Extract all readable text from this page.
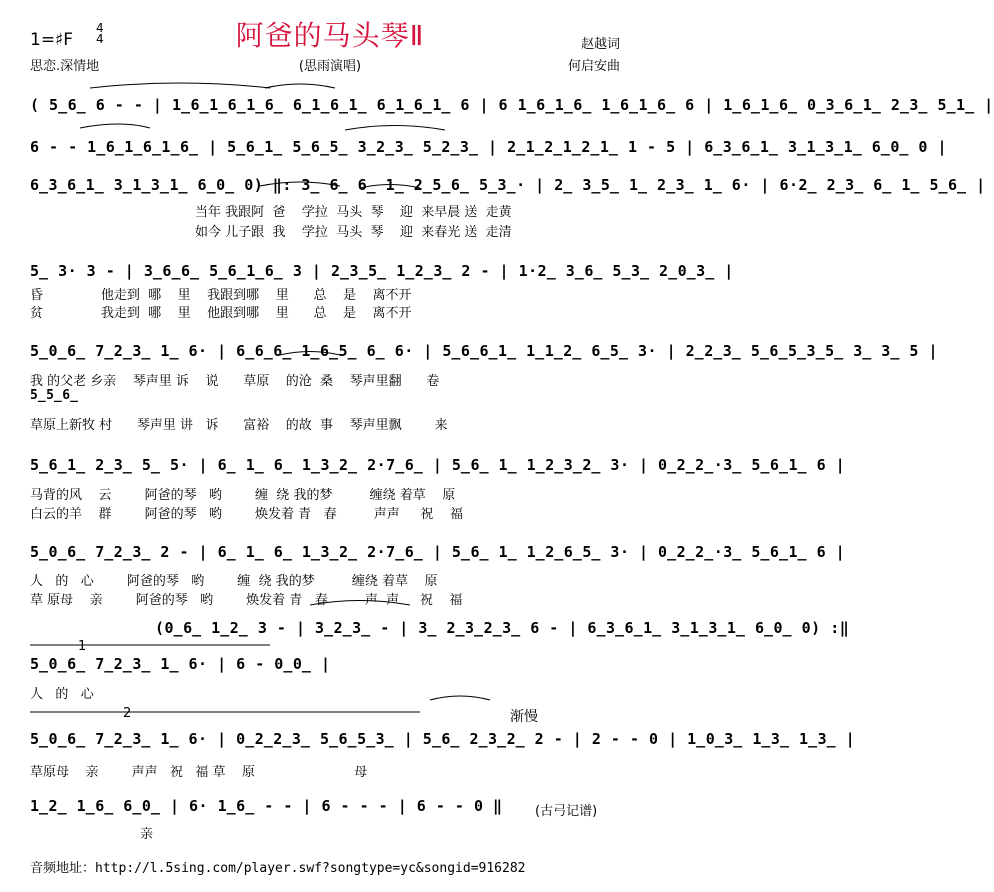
阿爸的马头琴Ⅱ
1=♯F
4
4
思恋.深情地	(思雨演唱)
赵越词
何启安曲
1
2	渐慢
( 5̲6̲ 6 - - | 1̲6̲1̲6̲1̲6̲ 6̲1̲6̲1̲ 6̲1̲6̲1̲ 6 | 6 1̲6̲1̲6̲ 1̲6̲1̲6̲ 6 | 1̲6̲1̲6̲ 0̲3̲6̲1̲ 2̲3̲ 5̲1̲ |
6 - - 1̲6̲1̲6̲1̲6̲ | 5̲6̲1̲ 5̲6̲5̲ 3̲2̲3̲ 5̲2̲3̲ | 2̲1̲2̲1̲2̲1̲ 1 - 5 | 6̲3̲6̲1̲ 3̲1̲3̲1̲ 6̲0̲ 0 |
6̲3̲6̲1̲ 3̲1̲3̲1̲ 6̲0̲ 0) ‖: 3̲ 6̲ 6̲ 1̲ 2̲5̲6̲ 5̲3̲· | 2̲ 3̲5̲ 1̲ 2̲3̲ 1̲ 6· | 6·2̲ 2̲3̲ 6̲ 1̲ 5̲6̲ |
当年 我跟阿  爸    学拉  马头  琴    迎  来早晨 送  走黄
如今 儿子跟  我    学拉  马头  琴    迎  来春光 送  走清
5̲ 3· 3 - | 3̲6̲6̲ 5̲6̲1̲6̲ 3 | 2̲3̲5̲ 1̲2̲3̲ 2 - | 1·2̲ 3̲6̲ 5̲3̲ 2̲0̲3̲ |
昏              他走到  哪    里    我跟到哪    里      总    是    离不开
贫              我走到  哪    里    他跟到哪    里      总    是    离不开
5̲0̲6̲ 7̲2̲3̲ 1̲ 6· | 6̲6̲6̲ 1̲6̲5̲ 6̲ 6· | 5̲6̲6̲1̲ 1̲1̲2̲ 6̲5̲ 3· | 2̲2̲3̲ 5̲6̲5̲3̲5̲ 3̲ 3̲ 5 |
我 的父老 乡亲    琴声里 诉    说      草原    的沧  桑    琴声里翻      卷
5̲5̲6̲
草原上新牧 村      琴声里 讲   诉      富裕    的故  事    琴声里飘        来
5̲6̲1̲ 2̲3̲ 5̲ 5· | 6̲ 1̲ 6̲ 1̲3̲2̲ 2·7̲6̲ | 5̲6̲ 1̲ 1̲2̲3̲2̲ 3· | 0̲2̲2̲·3̲ 5̲6̲1̲ 6 |
马背的风    云        阿爸的琴   哟        缠  绕 我的梦         缠绕 着草    原
白云的羊    群        阿爸的琴   哟        焕发着 青   春         声声     祝    福
5̲0̲6̲ 7̲2̲3̲ 2 - | 6̲ 1̲ 6̲ 1̲3̲2̲ 2·7̲6̲ | 5̲6̲ 1̲ 1̲2̲6̲5̲ 3· | 0̲2̲2̲·3̲ 5̲6̲1̲ 6 |
人   的   心        阿爸的琴   哟        缠  绕 我的梦         缠绕 着草    原
草 原母    亲        阿爸的琴   哟        焕发着 青   春         声  声     祝    福
(0̲6̲ 1̲2̲ 3 - | 3̲2̲3̲ - | 3̲ 2̲3̲2̲3̲ 6 - | 6̲3̲6̲1̲ 3̲1̲3̲1̲ 6̲0̲ 0) :‖
5̲0̲6̲ 7̲2̲3̲ 1̲ 6· | 6 - 0̲0̲ |
人   的   心
5̲0̲6̲ 7̲2̲3̲ 1̲ 6· | 0̲2̲2̲3̲ 5̲6̲5̲3̲ | 5̲6̲ 2̲3̲2̲ 2 - | 2 - - 0 | 1̲0̲3̲ 1̲3̲ 1̲3̲ |
草原母    亲        声声   祝   福 草    原                        母
1̲2̲ 1̲6̲ 6̲0̲ | 6· 1̲6̲ - - | 6 - - - | 6 - - 0 ‖
亲
(古弓记谱)
音频地址：http://l.5sing.com/player.swf?songtype=yc&songid=916282
